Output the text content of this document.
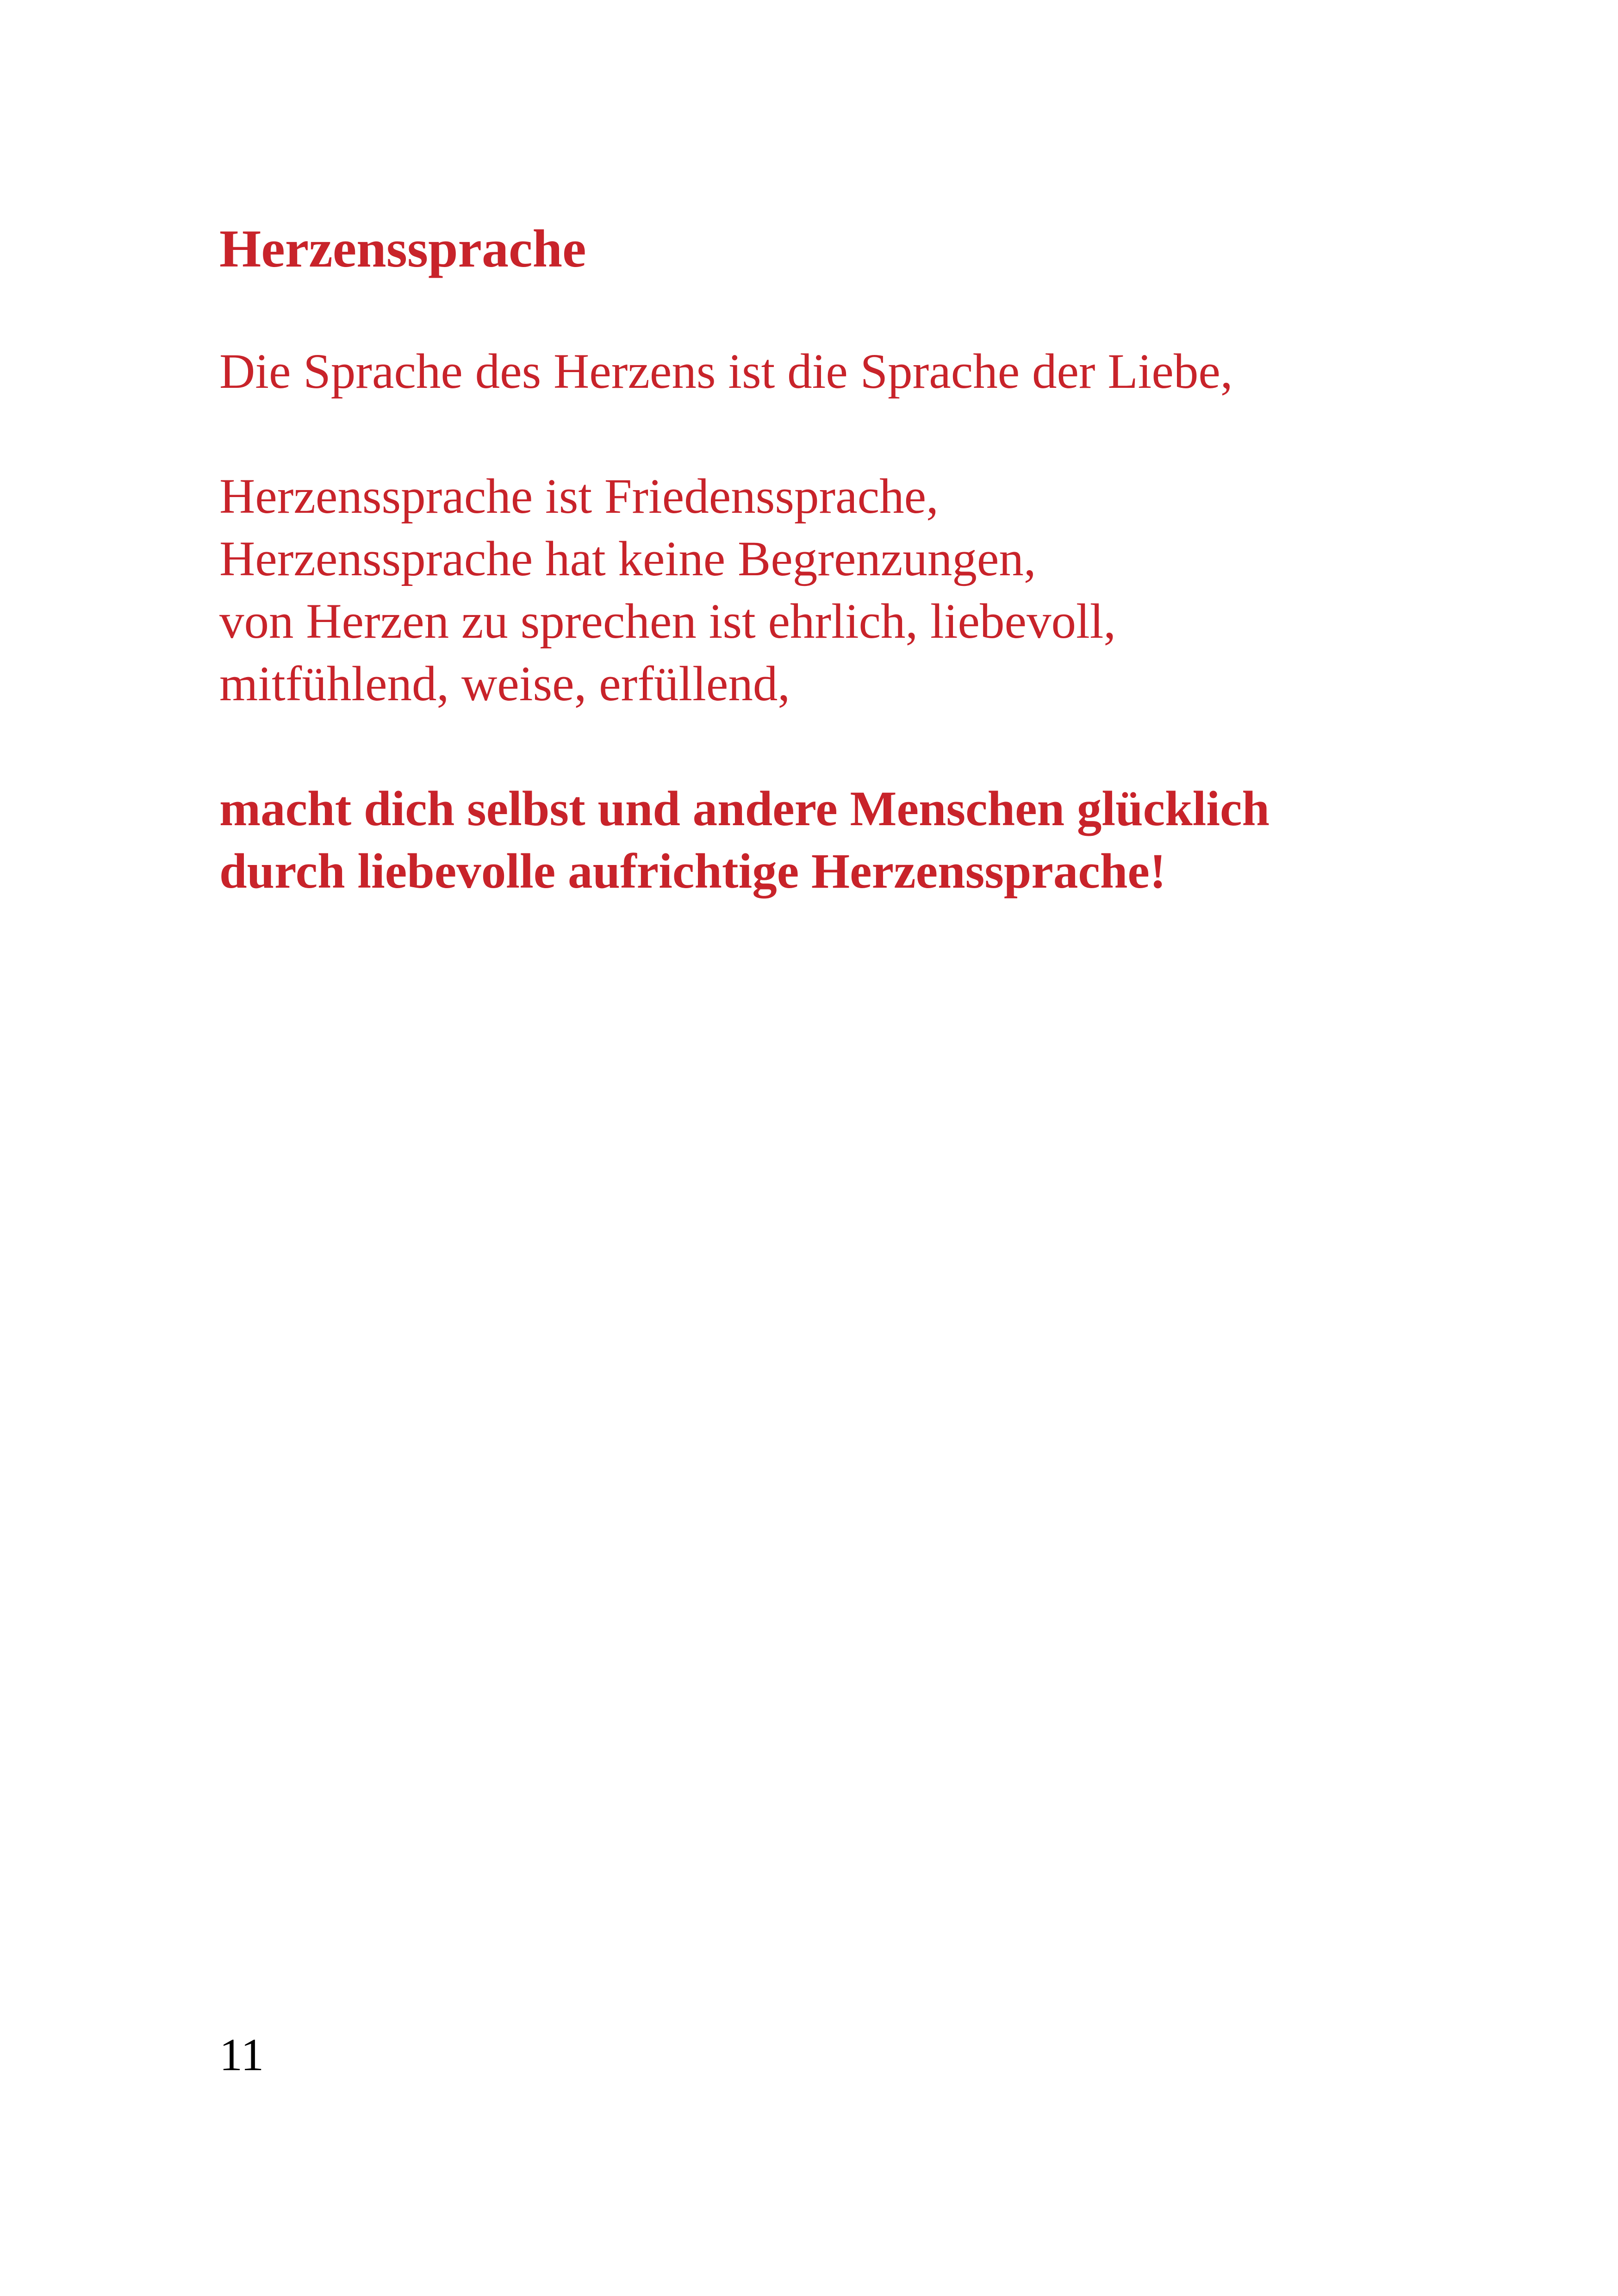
Herzenssprache

Die Sprache des Herzens ist die Sprache der Liebe,

Herzenssprache ist Friedenssprache,
Herzenssprache hat keine Begrenzungen,
von Herzen zu sprechen ist ehrlich, liebevoll,
mitfühlend, weise, erfüllend,

macht dich selbst und andere Menschen glücklich
durch liebevolle aufrichtige Herzenssprache!

11
